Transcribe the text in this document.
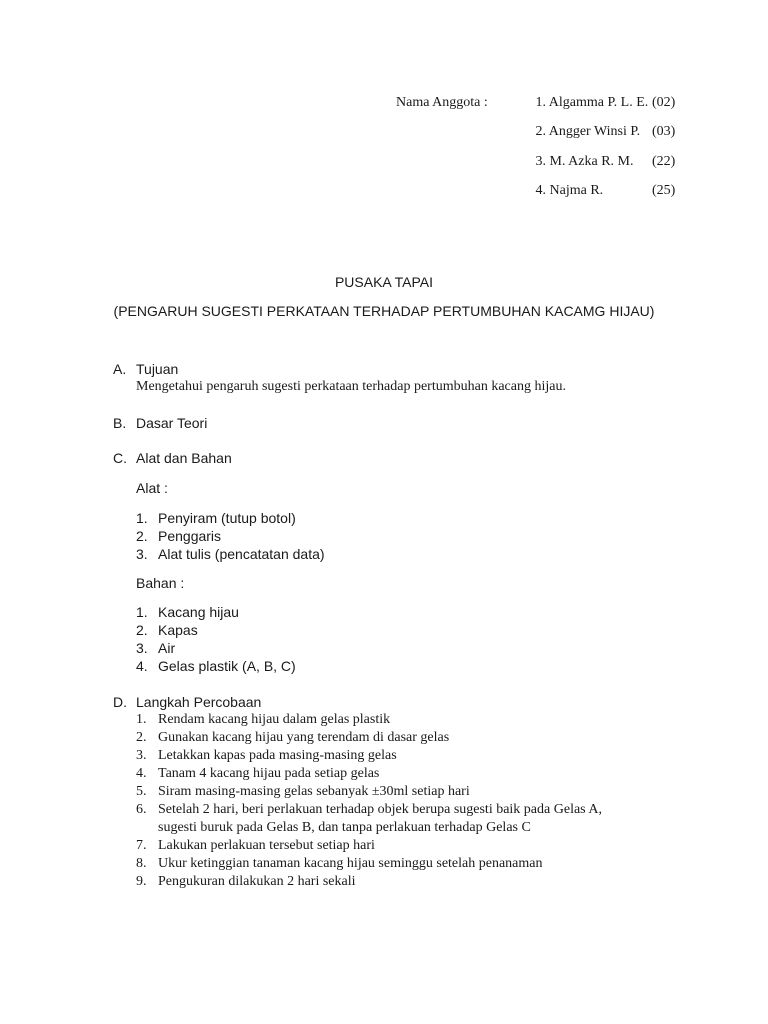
Nama Anggota :	1. Algamma P. L. E. (02)
2. Angger Winsi P. (03)
3. M. Azka R. M. (22)
4. Najma R.	(25)
PUSAKA TAPAI
(PENGARUH SUGESTI PERKATAAN TERHADAP PERTUMBUHAN KACAMG HIJAU)
A. Tujuan
Mengetahui pengaruh sugesti perkataan terhadap pertumbuhan kacang hijau.
B. Dasar Teori
C. Alat dan Bahan
Alat :
1. Penyiram (tutup botol)
2. Penggaris
3. Alat tulis (pencatatan data)
Bahan :
1. Kacang hijau
2. Kapas
3. Air
4. Gelas plastik (A, B, C)
D. Langkah Percobaan
1. Rendam kacang hijau dalam gelas plastik
2. Gunakan kacang hijau yang terendam di dasar gelas
3. Letakkan kapas pada masing-masing gelas
4. Tanam 4 kacang hijau pada setiap gelas
5. Siram masing-masing gelas sebanyak ±30ml setiap hari
6. Setelah 2 hari, beri perlakuan terhadap objek berupa sugesti baik pada Gelas A,
sugesti buruk pada Gelas B, dan tanpa perlakuan terhadap Gelas C
7. Lakukan perlakuan tersebut setiap hari
8. Ukur ketinggian tanaman kacang hijau seminggu setelah penanaman
9. Pengukuran dilakukan 2 hari sekali
